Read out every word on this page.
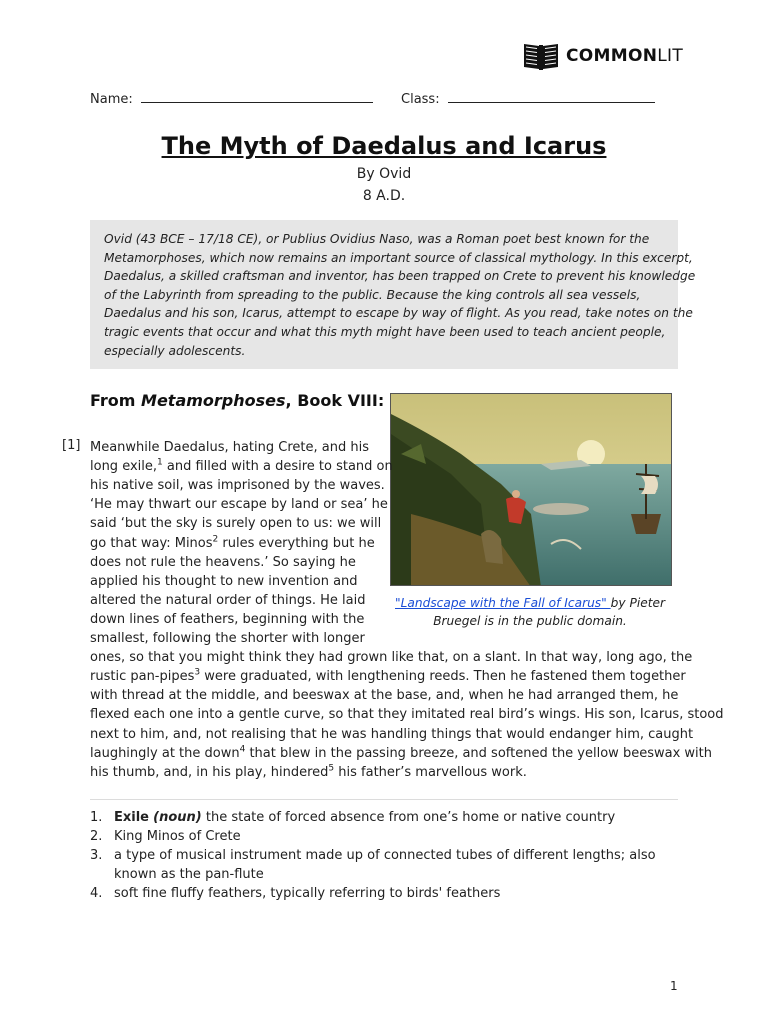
COMMONLIT
Name:	Class:
The Myth of Daedalus and Icarus
By Ovid
8 A.D.
Ovid (43 BCE – 17/18 CE), or Publius Ovidius Naso, was a Roman poet best known for the
Metamorphoses, which now remains an important source of classical mythology. In this excerpt,
Daedalus, a skilled craftsman and inventor, has been trapped on Crete to prevent his knowledge
of the Labyrinth from spreading to the public. Because the king controls all sea vessels,
Daedalus and his son, Icarus, attempt to escape by way of flight. As you read, take notes on the
tragic events that occur and what this myth might have been used to teach ancient people,
especially adolescents.
From Metamorphoses, Book VIII:
"Landscape with the Fall of Icarus" by Pieter Bruegel is in the public domain.
[1] Meanwhile Daedalus, hating Crete, and his
long exile,$^1$ and filled with a desire to stand on
his native soil, was imprisoned by the waves.
‘He may thwart our escape by land or sea’ he
said ‘but the sky is surely open to us: we will
go that way: Minos$^2$ rules everything but he
does not rule the heavens.’ So saying he
applied his thought to new invention and
altered the natural order of things. He laid
down lines of feathers, beginning with the
smallest, following the shorter with longer
ones, so that you might think they had grown like that, on a slant. In that way, long ago, the
rustic pan-pipes$^3$ were graduated, with lengthening reeds. Then he fastened them together
with thread at the middle, and beeswax at the base, and, when he had arranged them, he
flexed each one into a gentle curve, so that they imitated real bird’s wings. His son, Icarus, stood
next to him, and, not realising that he was handling things that would endanger him, caught
laughingly at the down$^4$ that blew in the passing breeze, and softened the yellow beeswax with
his thumb, and, in his play, hindered$^5$ his father’s marvellous work.
1. Exile (noun) the state of forced absence from one’s home or native country
2. King Minos of Crete
3. a type of musical instrument made up of connected tubes of different lengths; also known as the pan-flute
4. soft fine fluffy feathers, typically referring to birds' feathers
1
